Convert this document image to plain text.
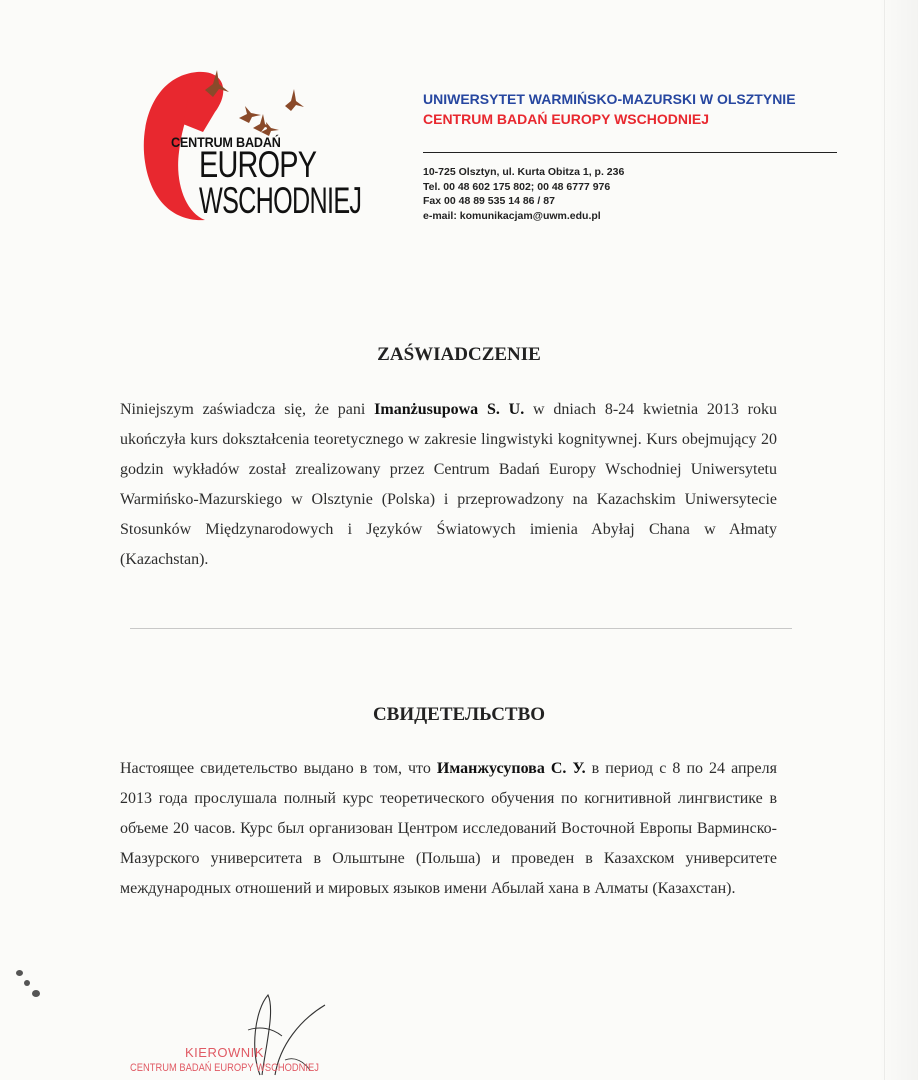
CENTRUM BADAŃ
EUROPY
WSCHODNIEJ
UNIWERSYTET WARMIŃSKO-MAZURSKI W OLSZTYNIE
CENTRUM BADAŃ EUROPY WSCHODNIEJ
10-725 Olsztyn, ul. Kurta Obitza 1, p. 236
Tel. 00 48 602 175 802; 00 48 6777 976
Fax 00 48 89 535 14 86 / 87
e-mail: komunikacjam@uwm.edu.pl
ZAŚWIADCZENIE
Niniejszym zaświadcza się, że pani Imanżusupowa S. U. w dniach 8-24 kwietnia 2013 roku ukończyła kurs dokształcenia teoretycznego w zakresie lingwistyki kognitywnej. Kurs obejmujący 20 godzin wykładów został zrealizowany przez Centrum Badań Europy Wschodniej Uniwersytetu Warmińsko-Mazurskiego w Olsztynie (Polska) i przeprowadzony na Kazachskim Uniwersytecie Stosunków Międzynarodowych i Języków Światowych imienia Abyłaj Chana w Ałmaty (Kazachstan).
СВИДЕТЕЛЬСТВО
Настоящее свидетельство выдано в том, что Иманжусупова С. У. в период с 8 по 24 апреля 2013 года прослушала полный курс теоретического обучения по когнитивной лингвистике в объеме 20 часов. Курс был организован Центром исследований Восточной Европы Варминско-Мазурского университета в Ольштыне (Польша) и проведен в Казахском университете международных отношений и мировых языков имени Абылай хана в Алматы (Казахстан).
KIEROWNIK
CENTRUM BADAŃ EUROPY WSCHODNIEJ
